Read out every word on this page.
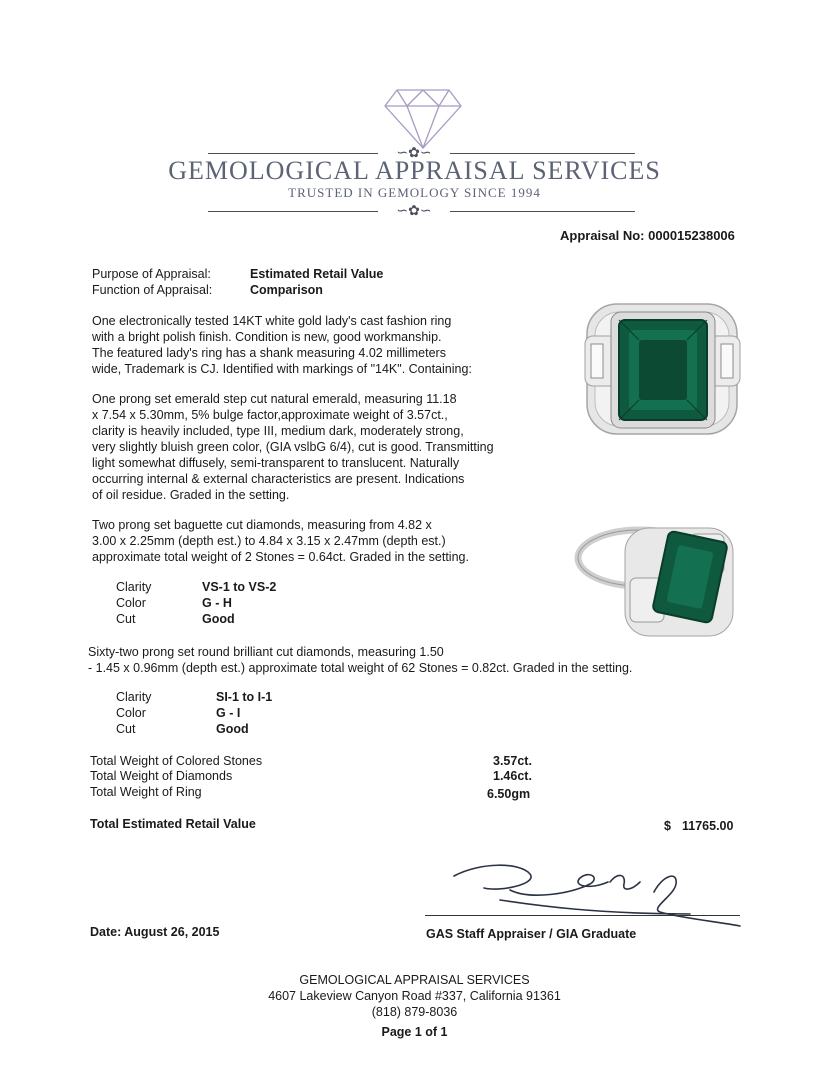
∽✿∽
GEMOLOGICAL APPRAISAL SERVICES
TRUSTED IN GEMOLOGY SINCE 1994
∽✿∽
Appraisal No: 000015238006
Purpose of Appraisal:	Estimated Retail Value
Function of Appraisal:	Comparison
One electronically tested 14KT white gold lady's cast fashion ring
with a bright polish finish. Condition is new, good workmanship.
The featured lady's ring has a shank measuring 4.02 millimeters
wide, Trademark is CJ. Identified with markings of "14K". Containing:
One prong set emerald step cut natural emerald, measuring 11.18
x 7.54 x 5.30mm, 5% bulge factor,approximate weight of 3.57ct.,
clarity is heavily included, type III, medium dark, moderately strong,
very slightly bluish green color, (GIA vslbG 6/4), cut is good. Transmitting
light somewhat diffusely, semi-transparent to translucent. Naturally
occurring internal & external characteristics are present. Indications
of oil residue. Graded in the setting.
Two prong set baguette cut diamonds, measuring from 4.82 x
3.00 x 2.25mm (depth est.) to 4.84 x 3.15 x 2.47mm (depth est.)
approximate total weight of 2 Stones = 0.64ct. Graded in the setting.
Clarity	VS-1 to VS-2
Color	G - H
Cut	Good
Sixty-two prong set round brilliant cut diamonds, measuring 1.50
- 1.45 x 0.96mm (depth est.) approximate total weight of 62 Stones = 0.82ct. Graded in the setting.
Clarity	SI-1 to I-1
Color	G - I
Cut	Good
Total Weight of Colored Stones	3.57ct.
Total Weight of Diamonds	1.46ct.
Total Weight of Ring	6.50gm
Total Estimated Retail Value	$ 11765.00
Date: August 26, 2015	GAS Staff Appraiser / GIA Graduate
GEMOLOGICAL APPRAISAL SERVICES
4607 Lakeview Canyon Road #337, California 91361
(818) 879-8036
Page 1 of 1
